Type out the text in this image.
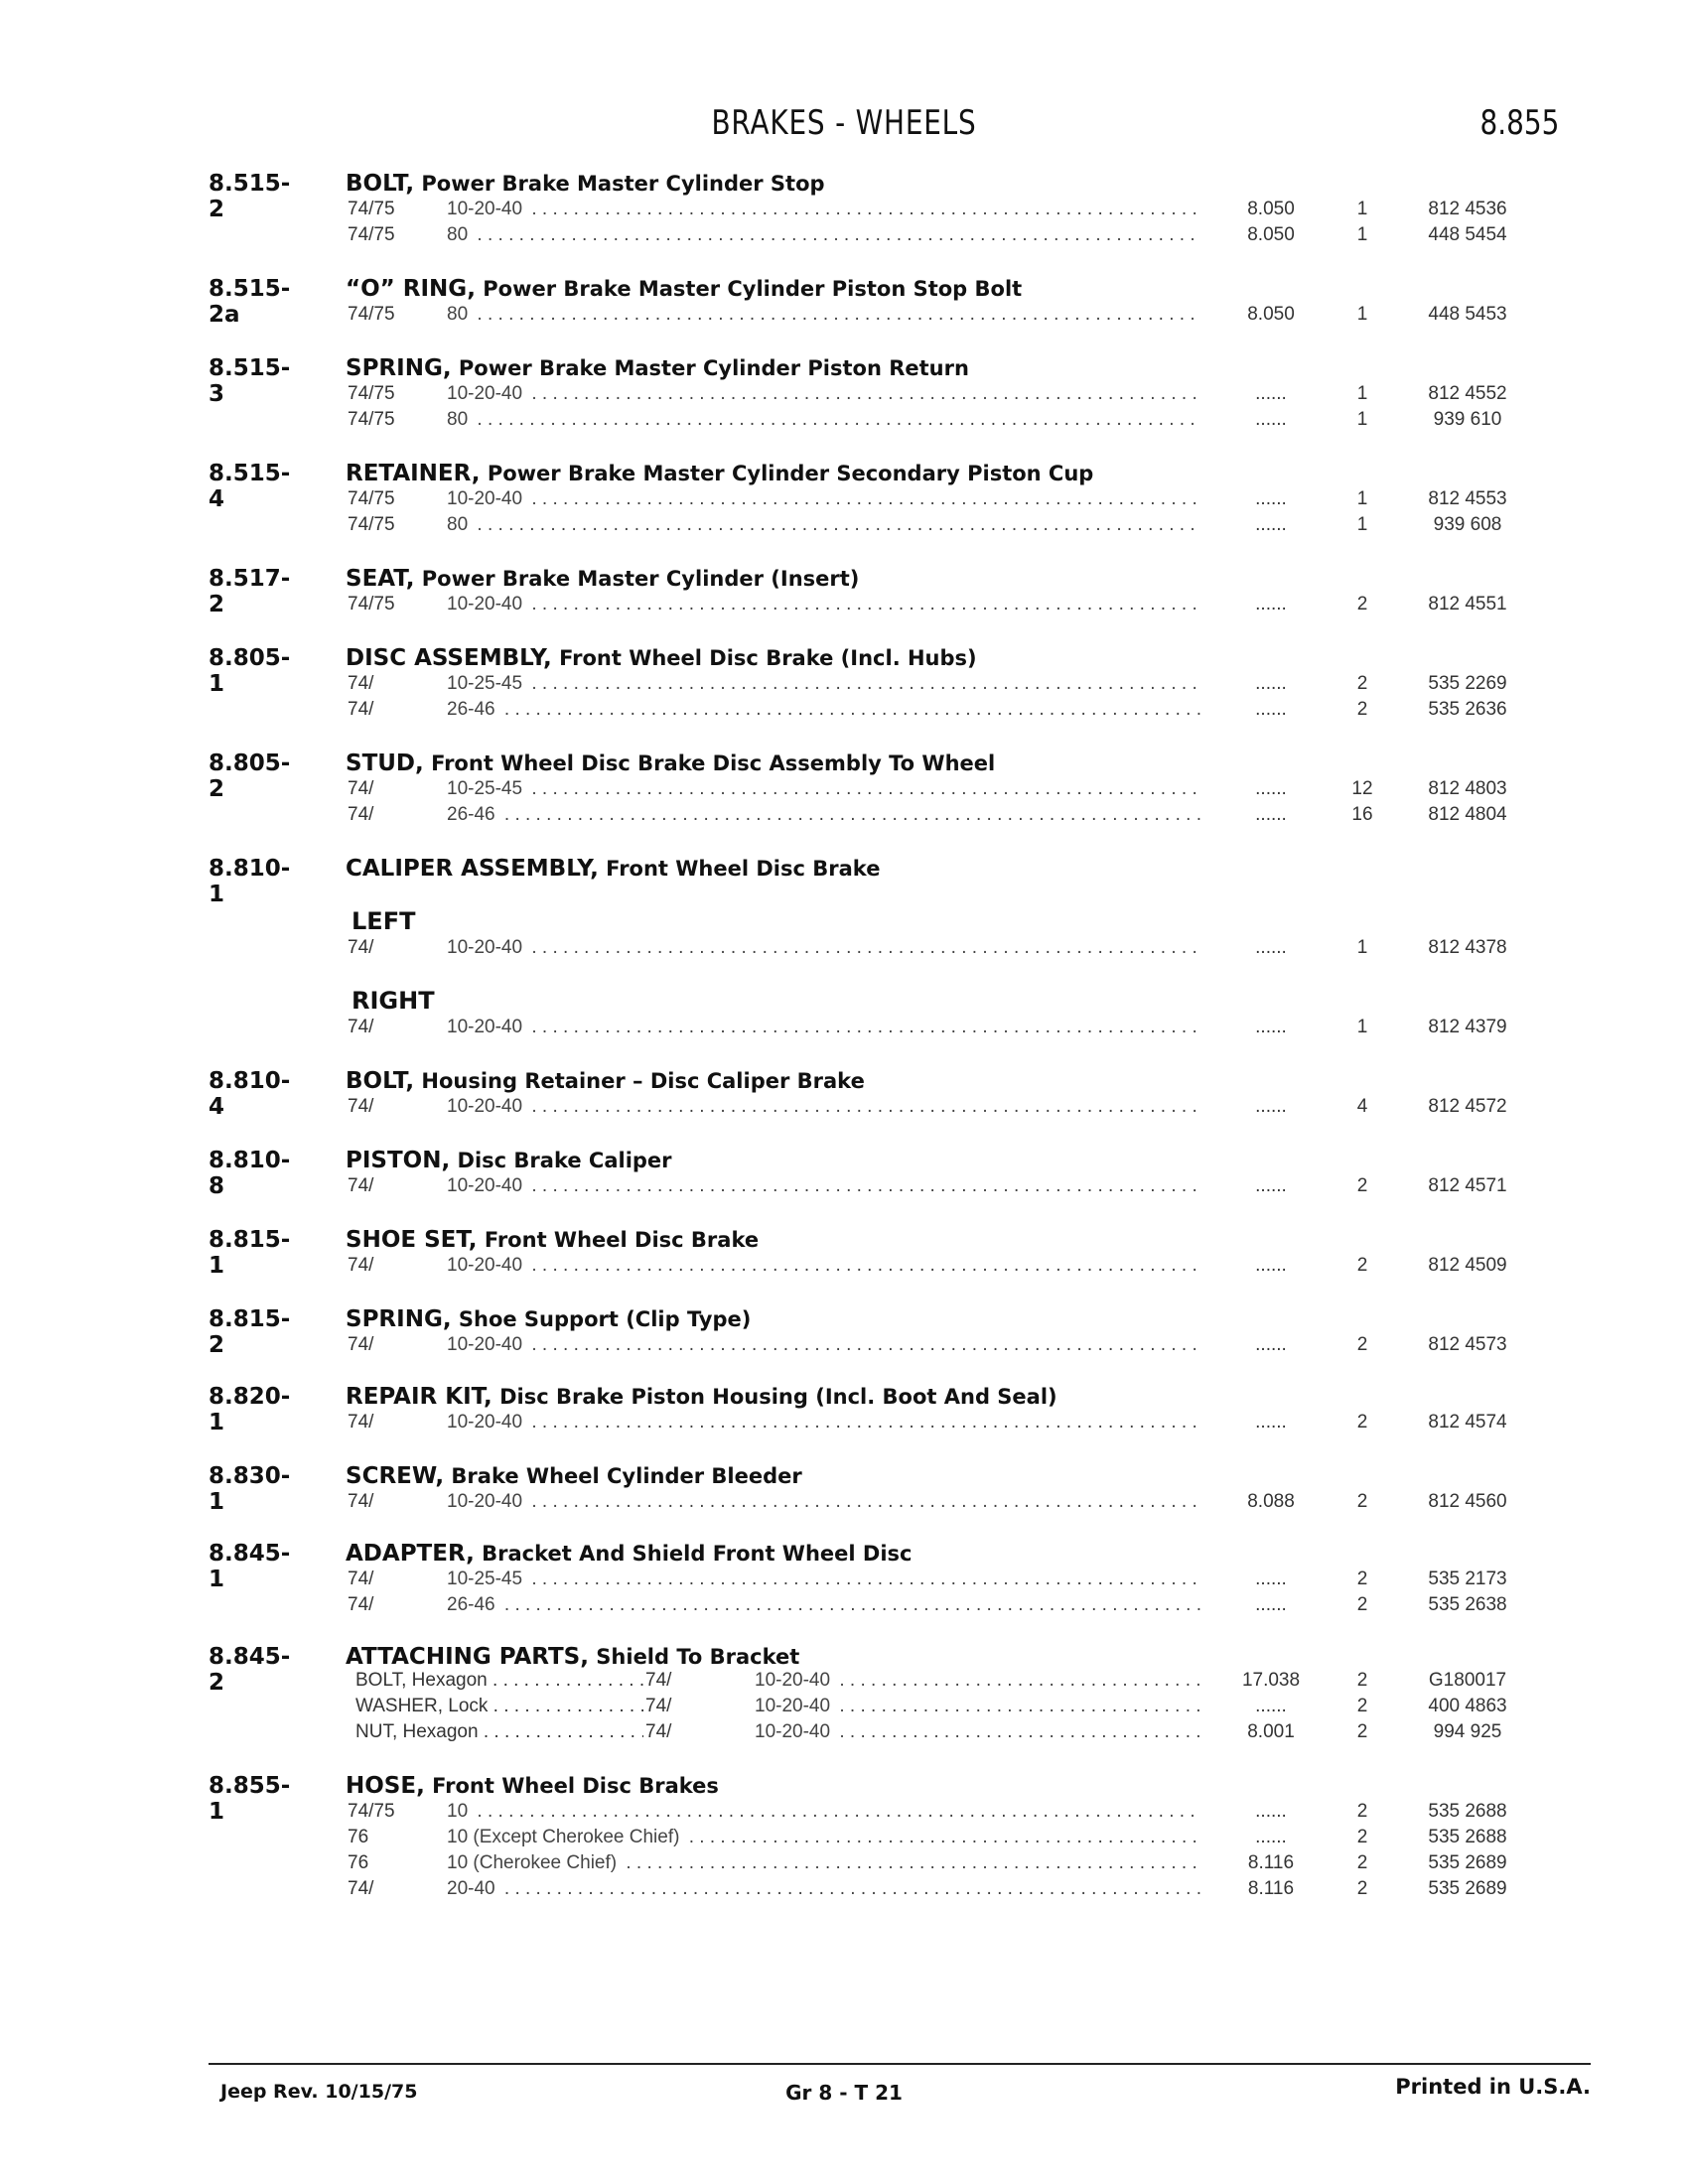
BRAKES - WHEELS	8.855
8.515-2
BOLT, Power Brake Master Cylinder Stop
74/75	10-20-40 . . .	8.050	1	812 4536
74/75	80 . . .	8.050	1	448 5454
8.515-2a
“O” RING, Power Brake Master Cylinder Piston Stop Bolt
74/75	80 . . .	8.050	1	448 5453
8.515-3
SPRING, Power Brake Master Cylinder Piston Return
74/75	10-20-40 . . .	......	1	812 4552
74/75	80 . . .	......	1	939 610
8.515-4
RETAINER, Power Brake Master Cylinder Secondary Piston Cup
74/75	10-20-40 . . .	......	1	812 4553
74/75	80 . . .	......	1	939 608
8.517-2
SEAT, Power Brake Master Cylinder (Insert)
74/75	10-20-40 . . .	......	2	812 4551
8.805-1
DISC ASSEMBLY, Front Wheel Disc Brake (Incl. Hubs)
74/	10-25-45 . . .	......	2	535 2269
74/	26-46 . . .	......	2	535 2636
8.805-2
STUD, Front Wheel Disc Brake Disc Assembly To Wheel
74/	10-25-45 . . .	......	12	812 4803
74/	26-46 . . .	......	16	812 4804
8.810-1
CALIPER ASSEMBLY, Front Wheel Disc Brake
LEFT
74/	10-20-40 . . .	......	1	812 4378
RIGHT
74/	10-20-40 . . .	......	1	812 4379
8.810-4
BOLT, Housing Retainer – Disc Caliper Brake
74/	10-20-40 . . .	......	4	812 4572
8.810-8
PISTON, Disc Brake Caliper
74/	10-20-40 . . .	......	2	812 4571
8.815-1
SHOE SET, Front Wheel Disc Brake
74/	10-20-40 . . .	......	2	812 4509
8.815-2
SPRING, Shoe Support (Clip Type)
74/	10-20-40 . . .	......	2	812 4573
8.820-1
REPAIR KIT, Disc Brake Piston Housing (Incl. Boot And Seal)
74/	10-20-40 . . .	......	2	812 4574
8.830-1
SCREW, Brake Wheel Cylinder Bleeder
74/	10-20-40 . . .	8.088	2	812 4560
8.845-1
ADAPTER, Bracket And Shield Front Wheel Disc
74/	10-25-45 . . .	......	2	535 2173
74/	26-46 . . .	......	2	535 2638
8.845-2
ATTACHING PARTS, Shield To Bracket
BOLT, Hexagon . . .	74/	10-20-40 . . .	17.038	2	G180017
WASHER, Lock . . .	74/	10-20-40 . . .	......	2	400 4863
NUT, Hexagon . . .	74/	10-20-40 . . .	8.001	2	994 925
8.855-1
HOSE, Front Wheel Disc Brakes
74/75	10 . . .	......	2	535 2688
76	10 (Except Cherokee Chief) . . .	......	2	535 2688
76	10 (Cherokee Chief) . . .	8.116	2	535 2689
74/	20-40 . . .	8.116	2	535 2689
Jeep Rev. 10/15/75	Gr 8 - T 21	Printed in U.S.A.
